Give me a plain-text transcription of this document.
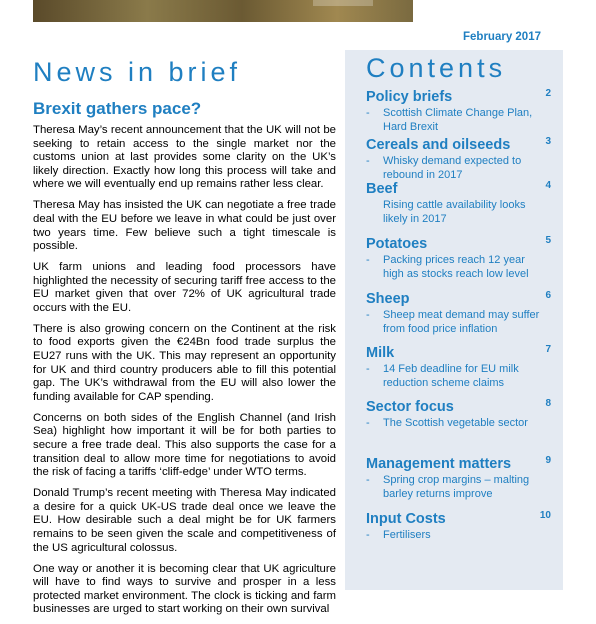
February 2017
News in brief
Brexit gathers pace?

Theresa May’s recent announcement that the UK will not be seeking to retain access to the single market nor the customs union at last provides some clarity on the UK’s likely direction. Exactly how long this process will take and where we will eventually end up remains rather less clear.

Theresa May has insisted the UK can negotiate a free trade deal with the EU before we leave in what could be just over two years time. Few believe such a tight timescale is possible.

UK farm unions and leading food processors have highlighted the necessity of securing tariff free access to the EU market given that over 72% of UK agricultural trade occurs with the EU.

There is also growing concern on the Continent at the risk to food exports given the €24Bn food trade surplus the EU27 runs with the UK. This may represent an opportunity for UK and third country producers able to fill this potential gap. The UK’s withdrawal from the EU will also lower the funding available for CAP spending.

Concerns on both sides of the English Channel (and Irish Sea) highlight how important it will be for both parties to secure a free trade deal. This also supports the case for a transition deal to allow more time for negotiations to avoid the risk of facing a tariffs ‘cliff-edge’ under WTO terms.

Donald Trump’s recent meeting with Theresa May indicated a desire for a quick UK-US trade deal once we leave the EU. How desirable such a deal might be for UK farmers remains to be seen given the scale and competitiveness of the US agricultural colossus.

One way or another it is becoming clear that UK agriculture will have to find ways to survive and prosper in a less protected market environment. The clock is ticking and farm businesses are urged to start working on their own survival

Contents
Policy briefs	2
- Scottish Climate Change Plan, Hard Brexit
Cereals and oilseeds	3
- Whisky demand expected to rebound in 2017
Beef	4
Rising cattle availability looks likely in 2017
Potatoes	5
- Packing prices reach 12 year high as stocks reach low level
Sheep	6
- Sheep meat demand may suffer from food price inflation
Milk	7
- 14 Feb deadline for EU milk reduction scheme claims
Sector focus	8
- The Scottish vegetable sector
Management matters	9
- Spring crop margins – malting barley returns improve
Input Costs	10
- Fertilisers
